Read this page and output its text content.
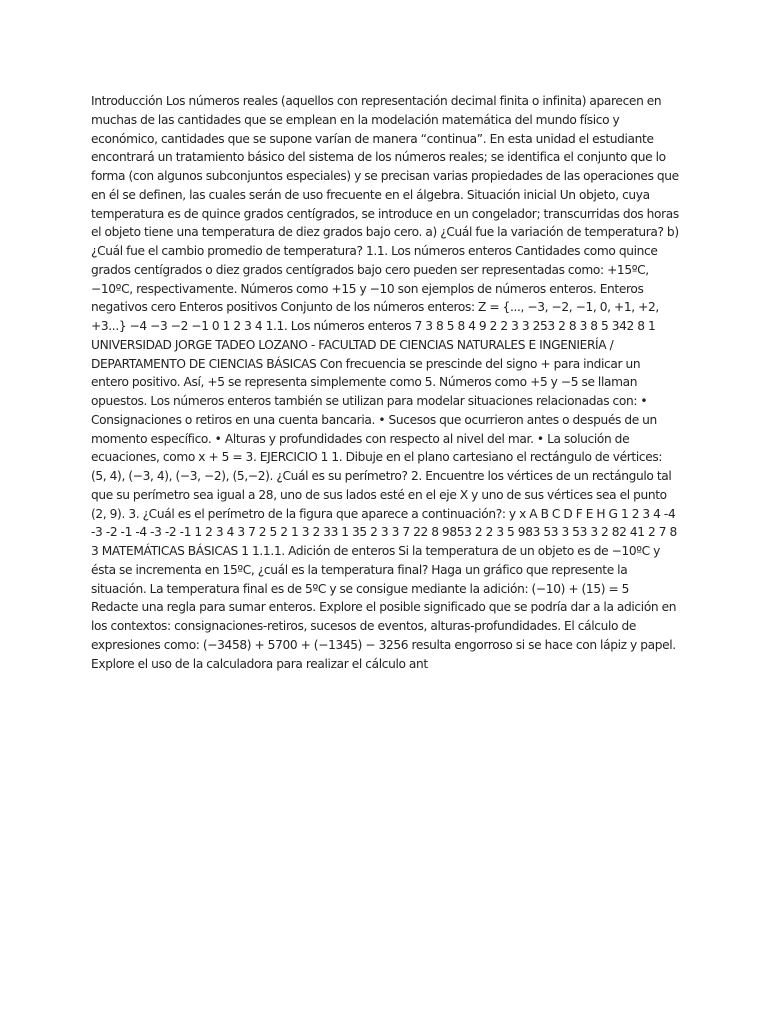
Introducción Los números reales (aquellos con representación decimal finita o infinita) aparecen en muchas de las cantidades que se emplean en la modelación matemática del mundo físico y económico, cantidades que se supone varían de manera “continua”. En esta unidad el estudiante encontrará un tratamiento básico del sistema de los números reales; se identifica el conjunto que lo forma (con algunos subconjuntos especiales) y se precisan varias propiedades de las operaciones que en él se definen, las cuales serán de uso frecuente en el álgebra. Situación inicial Un objeto, cuya temperatura es de quince grados centígrados, se introduce en un congelador; transcurridas dos horas el objeto tiene una temperatura de diez grados bajo cero. a) ¿Cuál fue la variación de temperatura? b) ¿Cuál fue el cambio promedio de temperatura? 1.1. Los números enteros Cantidades como quince grados centígrados o diez grados centígrados bajo cero pueden ser representadas como: +15ºC, −10ºC, respectivamente. Números como +15 y −10 son ejemplos de números enteros. Enteros negativos cero Enteros positivos Conjunto de los números enteros: Z = {..., −3, −2, −1, 0, +1, +2, +3...} −4 −3 −2 −1 0 1 2 3 4 1.1. Los números enteros 7 3 8 5 8 4 9 2 2 3 3 253 2 8 3 8 5 342 8 1 UNIVERSIDAD JORGE TADEO LOZANO - FACULTAD DE CIENCIAS NATURALES E INGENIERÍA / DEPARTAMENTO DE CIENCIAS BÁSICAS Con frecuencia se prescinde del signo + para indicar un entero positivo. Así, +5 se representa simplemente como 5. Números como +5 y −5 se llaman opuestos. Los números enteros también se utilizan para modelar situaciones relacionadas con: • Consignaciones o retiros en una cuenta bancaria. • Sucesos que ocurrieron antes o después de un momento específico. • Alturas y profundidades con respecto al nivel del mar. • La solución de ecuaciones, como x + 5 = 3. EJERCICIO 1 1. Dibuje en el plano cartesiano el rectángulo de vértices: (5, 4), (−3, 4), (−3, −2), (5,−2). ¿Cuál es su perímetro? 2. Encuentre los vértices de un rectángulo tal que su perímetro sea igual a 28, uno de sus lados esté en el eje X y uno de sus vértices sea el punto (2, 9). 3. ¿Cuál es el perímetro de la figura que aparece a continuación?: y x A B C D F E H G 1 2 3 4 -4 -3 -2 -1 -4 -3 -2 -1 1 2 3 4 3 7 2 5 2 1 3 2 33 1 35 2 3 3 7 22 8 9853 2 2 3 5 983 53 3 53 3 2 82 41 2 7 8 3 MATEMÁTICAS BÁSICAS 1 1.1.1. Adición de enteros Si la temperatura de un objeto es de −10ºC y ésta se incrementa en 15ºC, ¿cuál es la temperatura final? Haga un gráfico que represente la situación. La temperatura final es de 5ºC y se consigue mediante la adición: (−10) + (15) = 5 Redacte una regla para sumar enteros. Explore el posible significado que se podría dar a la adición en los contextos: consignaciones-retiros, sucesos de eventos, alturas-profundidades. El cálculo de expresiones como: (−3458) + 5700 + (−1345) − 3256 resulta engorroso si se hace con lápiz y papel. Explore el uso de la calculadora para realizar el cálculo ant
